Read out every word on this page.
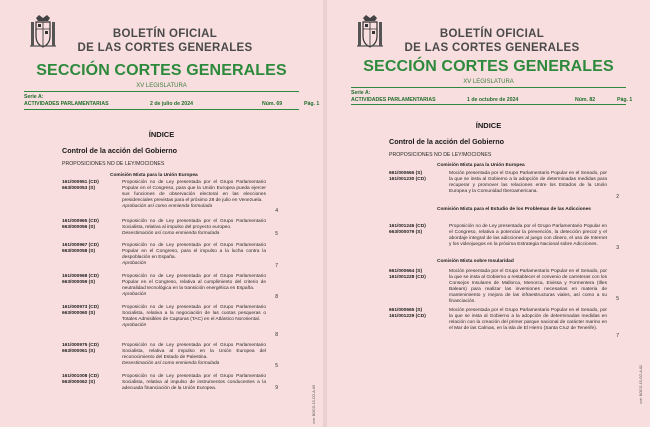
BOLETÍN OFICIAL
DE LAS CORTES GENERALES
SECCIÓN CORTES GENERALES
XV LEGISLATURA
Serie A:
ACTIVIDADES PARLAMENTARIAS	2 de julio de 2024	Núm. 69	Pág. 1
ÍNDICE
Control de la acción del Gobierno
PROPOSICIONES NO DE LEY/MOCIONES
Comisión Mixta para la Unión Europea
cve: BOCG-15-CG-A-69
161/000951 (CD)
663/000053 (S)
Proposición no de Ley presentada por el Grupo Parlamentario Popular en el Congreso, para que la Unión Europea pueda ejercer sus funciones de observación electoral en las elecciones presidenciales previstas para el próximo 28 de julio en Venezuela.
Aprobación así como enmienda formulada
4
161/000965 (CD)
663/000056 (S)
Proposición no de Ley presentada por el Grupo Parlamentario Socialista, relativa al impulso del proyecto europeo.
Desestimación así como enmienda formulada	5
161/000967 (CD)
663/000058 (S)
Proposición no de Ley presentada por el Grupo Parlamentario Popular en el Congreso, para el impulso a la lucha contra la despoblación en España.
Aprobación	7
161/000968 (CD)
663/000059 (S)
Proposición no de Ley presentada por el Grupo Parlamentario Popular en el Congreso, relativa al cumplimiento del criterio de neutralidad tecnológica en la transición energética en España.
Aprobación	8
161/000973 (CD)
663/000060 (S)
Proposición no de Ley presentada por el Grupo Parlamentario Socialista, relativa a la negociación de las cuotas pesqueras o Totales Admisibles de Capturas (TAC) en el Atlántico Nororiental.
Aprobación
8
161/000975 (CD)
663/000061 (S)
Proposición no de Ley presentada por el Grupo Parlamentario Socialista, relativa al impulso en la Unión Europea del reconocimiento del Estado de Palestina.
Desestimación así como enmienda formulada	5
161/001008 (CD)
663/000062 (S)
Proposición no de Ley presentada por el Grupo Parlamentario Socialista, relativa al impulso de instrumentos conducentes a la adecuada financiación de la Unión Europea.	9
BOLETÍN OFICIAL
DE LAS CORTES GENERALES
SECCIÓN CORTES GENERALES
XV LEGISLATURA
Serie A:
ACTIVIDADES PARLAMENTARIAS	1 de octubre de 2024	Núm. 82	Pág. 1
ÍNDICE
Control de la acción del Gobierno
PROPOSICIONES NO DE LEY/MOCIONES
cve: BOCG-15-CG-A-82
Comisión Mixta para la Unión Europea
661/000666 (S)
161/001230 (CD)
Moción presentada por el Grupo Parlamentario Popular en el Senado, por la que se insta al Gobierno a la adopción de determinadas medidas para recuperar y promover las relaciones entre los Estados de la Unión Europea y la Comunidad Iberoamericana.
2
Comisión Mixta para el Estudio de los Problemas de las Adicciones
161/001246 (CD)
663/000079 (S)
Proposición no de Ley presentada por el Grupo Parlamentario Popular en el Congreso, relativa a potenciar la prevención, la detección precoz y el abordaje integral de las adicciones al juego con dinero, el uso de Internet y los videojuegos en la próxima Estrategia Nacional sobre Adicciones.
3
Comisión Mixta sobre Insularidad
661/000664 (S)
161/001228 (CD)
Moción presentada por el Grupo Parlamentario Popular en el Senado, por la que se insta al Gobierno a restablecer el convenio de carreteras con los Consejos Insulares de Mallorca, Menorca, Eivissa y Formentera (Illes Balears) para realizar las inversiones necesarias en materia de mantenimiento y mejora de las infraestructuras viales, así como a su financiación.	5
661/000665 (S)
161/001229 (CD)
Moción presentada por el Grupo Parlamentario Popular en el Senado, por la que se insta al Gobierno a la adopción de determinadas medidas en relación con la creación del primer parque nacional de carácter marino en el Mar de las Calmas, en la isla de El Hierro (Santa Cruz de Tenerife).
7
